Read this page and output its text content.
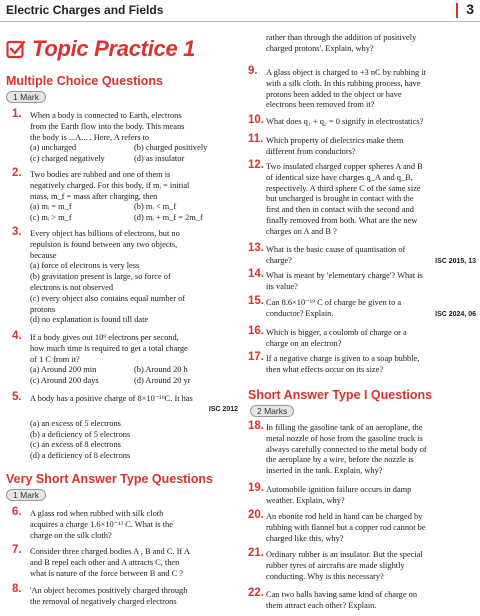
Electric Charges and Fields	3
Topic Practice 1
Multiple Choice Questions
1 Mark
1. When a body is connected to Earth, electrons
from the Earth flow into the body. This means
the body is ...A... . Here, A refers to
(a) uncharged	(b) charged positively
(c) charged negatively	(d) as insulator
2. Two bodies are rubbed and one of them is
negatively charged. For this body, if mᵢ = initial
mass, m_f = mass after charging, then
(a) mᵢ = m_f	(b) mᵢ < m_f
(c) mᵢ > m_f	(d) mᵢ + m_f = 2m_f
3. Every object has billions of electrons, but no
repulsion is found between any two objects,
because
(a) force of electrons is very less
(b) gravitation present is large, so force of
electrons is not observed
(c) every object also contains equal number of
protons
(d) no explanation is found till date
4. If a body gives out 10⁹ electrons per second,
how much time is required to get a total charge
of 1 C from it?
(a) Around 200 min	(b) Around 20 h
(c) Around 200 days	(d) Around 20 yr
5. A body has a positive charge of 8×10⁻¹⁹C. It has
ISC 2012
(a) an excess of 5 electrons
(b) a deficiency of 5 electrons
(c) an excess of 8 electrons
(d) a deficiency of 8 electrons
Very Short Answer Type Questions
1 Mark
6. A glass rod when rubbed with silk cloth
acquires a charge 1.6×10⁻¹³ C. What is the
charge on the silk cloth?
7. Consider three charged bodies A , B and C. If A
and B repel each other and A attracts C, then
what is nature of the force between B and C ?
8. 'An object becomes positively charged through
the removal of negatively charged electrons
rather than through the addition of positively
charged protons'. Explain, why?
9. A glass object is charged to +3 nC by rubbing it
with a silk cloth. In this rubbing process, have
protons been added to the object or have
electrons been removed from it?
10. What does q₁ + q₂ = 0 signify in electrostatics?
11. Which property of dielectrics make them
different from conductors?
12. Two insulated charged copper spheres A and B
of identical size have charges q_A and q_B,
respectively. A third sphere C of the same size
but uncharged is brought in contact with the
first and then in contact with the second and
finally removed from both. What are the new
charges on A and B ?
13. What is the basic cause of quantisation of
charge?	ISC 2015, 13
14. What is meant by 'elementary charge'? What is
its value?
15. Can 8.6×10⁻¹⁹ C of charge be given to a
conductor? Explain.	ISC 2024, 06
16. Which is bigger, a coulomb of charge or a
charge on an electron?
17. If a negative charge is given to a soap bubble,
then what effects occur on its size?
Short Answer Type I Questions
2 Marks
18. In filling the gasoline tank of an aeroplane, the
metal nozzle of hose from the gasoline truck is
always carefully connected to the metal body of
the aeroplane by a wire, before the nozzle is
inserted in the tank. Explain, why?
19. Automobile ignition failure occurs in damp
weather. Explain, why?
20. An ebonite rod held in hand can be charged by
rubbing with flannel but a copper rod cannot be
charged like this, why?
21. Ordinary rubber is an insulator. But the special
rubber tyres of aircrafts are made slightly
conducting. Why is this necessary?
22. Can two balls having same kind of charge on
them attract each other? Explain.
